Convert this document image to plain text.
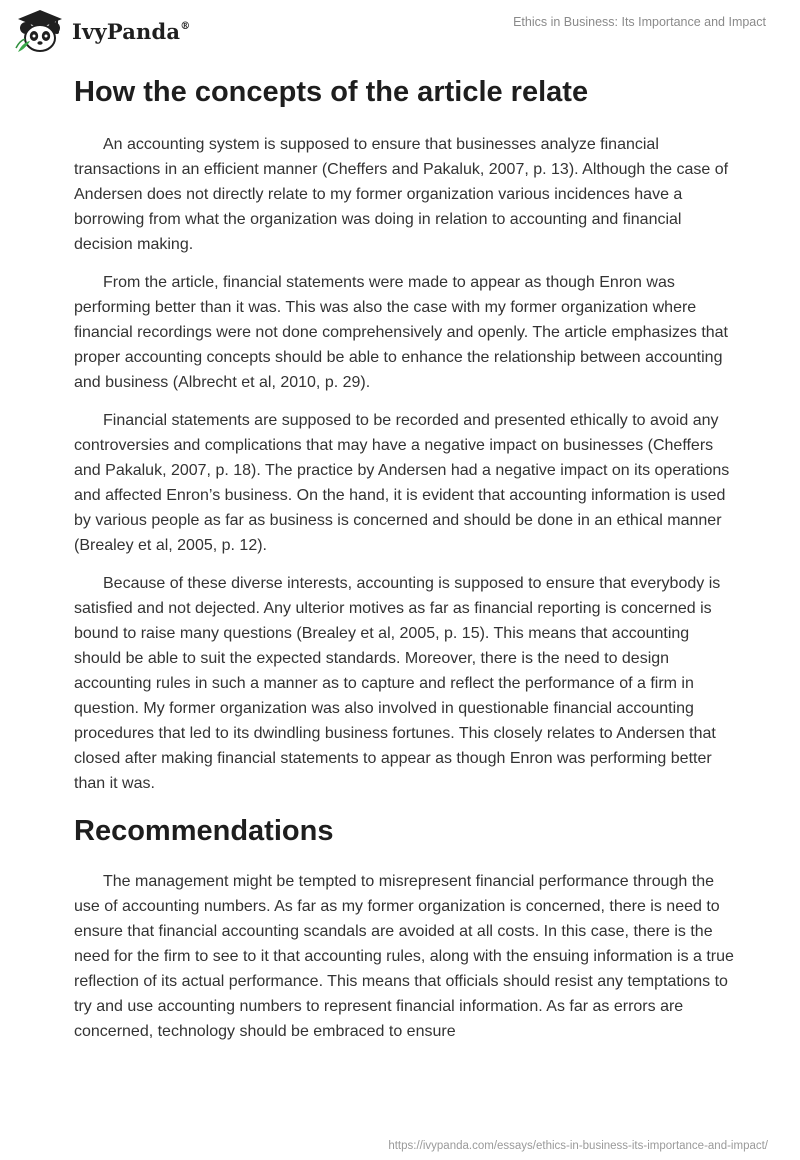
IvyPanda®	Ethics in Business: Its Importance and Impact
How the concepts of the article relate

An accounting system is supposed to ensure that businesses analyze financial transactions in an efficient manner (Cheffers and Pakaluk, 2007, p. 13). Although the case of Andersen does not directly relate to my former organization various incidences have a borrowing from what the organization was doing in relation to accounting and financial decision making.

From the article, financial statements were made to appear as though Enron was performing better than it was. This was also the case with my former organization where financial recordings were not done comprehensively and openly. The article emphasizes that proper accounting concepts should be able to enhance the relationship between accounting and business (Albrecht et al, 2010, p. 29).

Financial statements are supposed to be recorded and presented ethically to avoid any controversies and complications that may have a negative impact on businesses (Cheffers and Pakaluk, 2007, p. 18). The practice by Andersen had a negative impact on its operations and affected Enron’s business. On the hand, it is evident that accounting information is used by various people as far as business is concerned and should be done in an ethical manner (Brealey et al, 2005, p. 12).

Because of these diverse interests, accounting is supposed to ensure that everybody is satisfied and not dejected. Any ulterior motives as far as financial reporting is concerned is bound to raise many questions (Brealey et al, 2005, p. 15). This means that accounting should be able to suit the expected standards. Moreover, there is the need to design accounting rules in such a manner as to capture and reflect the performance of a firm in question. My former organization was also involved in questionable financial accounting procedures that led to its dwindling business fortunes. This closely relates to Andersen that closed after making financial statements to appear as though Enron was performing better than it was.

Recommendations

The management might be tempted to misrepresent financial performance through the use of accounting numbers. As far as my former organization is concerned, there is need to ensure that financial accounting scandals are avoided at all costs. In this case, there is the need for the firm to see to it that accounting rules, along with the ensuing information is a true reflection of its actual performance. This means that officials should resist any temptations to try and use accounting numbers to represent financial information. As far as errors are concerned, technology should be embraced to ensure

https://ivypanda.com/essays/ethics-in-business-its-importance-and-impact/
